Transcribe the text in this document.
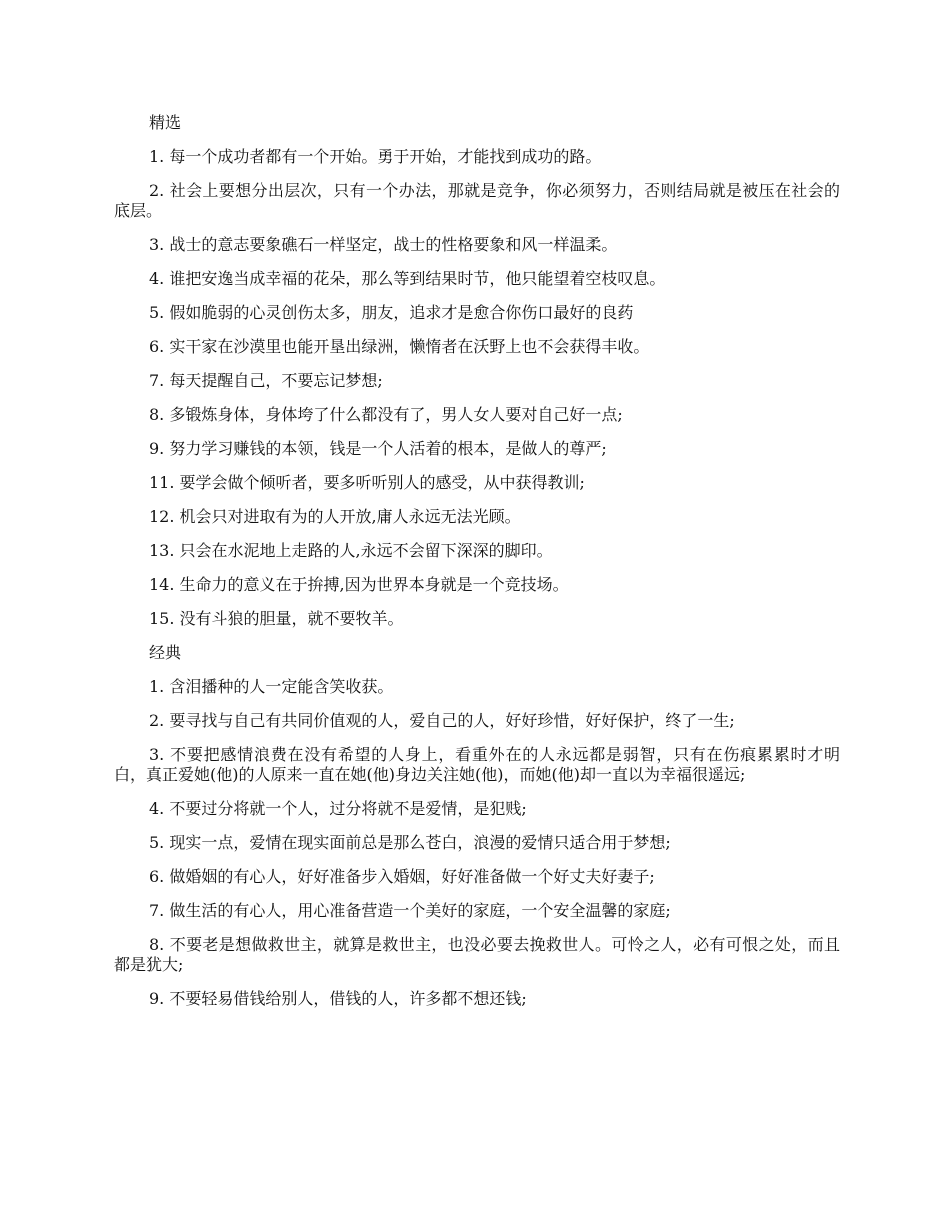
精选

1. 每一个成功者都有一个开始。勇于开始，才能找到成功的路。

2. 社会上要想分出层次，只有一个办法，那就是竞争，你必须努力，否则结局就是被压在社会的底层。

3. 战士的意志要象礁石一样坚定，战士的性格要象和风一样温柔。

4. 谁把安逸当成幸福的花朵，那么等到结果时节，他只能望着空枝叹息。

5. 假如脆弱的心灵创伤太多，朋友，追求才是愈合你伤口最好的良药

6. 实干家在沙漠里也能开垦出绿洲，懒惰者在沃野上也不会获得丰收。

7. 每天提醒自己，不要忘记梦想;

8. 多锻炼身体，身体垮了什么都没有了，男人女人要对自己好一点;

9. 努力学习赚钱的本领，钱是一个人活着的根本，是做人的尊严;

11. 要学会做个倾听者，要多听听别人的感受，从中获得教训;

12. 机会只对进取有为的人开放,庸人永远无法光顾。

13. 只会在水泥地上走路的人,永远不会留下深深的脚印。

14. 生命力的意义在于拚搏,因为世界本身就是一个竞技场。

15. 没有斗狼的胆量，就不要牧羊。

经典

1. 含泪播种的人一定能含笑收获。

2. 要寻找与自己有共同价值观的人，爱自己的人，好好珍惜，好好保护，终了一生;

3. 不要把感情浪费在没有希望的人身上，看重外在的人永远都是弱智，只有在伤痕累累时才明白，真正爱她(他)的人原来一直在她(他)身边关注她(他)，而她(他)却一直以为幸福很遥远;

4. 不要过分将就一个人，过分将就不是爱情，是犯贱;

5. 现实一点，爱情在现实面前总是那么苍白，浪漫的爱情只适合用于梦想;

6. 做婚姻的有心人，好好准备步入婚姻，好好准备做一个好丈夫好妻子;

7. 做生活的有心人，用心准备营造一个美好的家庭，一个安全温馨的家庭;

8. 不要老是想做救世主，就算是救世主，也没必要去挽救世人。可怜之人，必有可恨之处，而且都是犹大;

9. 不要轻易借钱给别人，借钱的人，许多都不想还钱;
